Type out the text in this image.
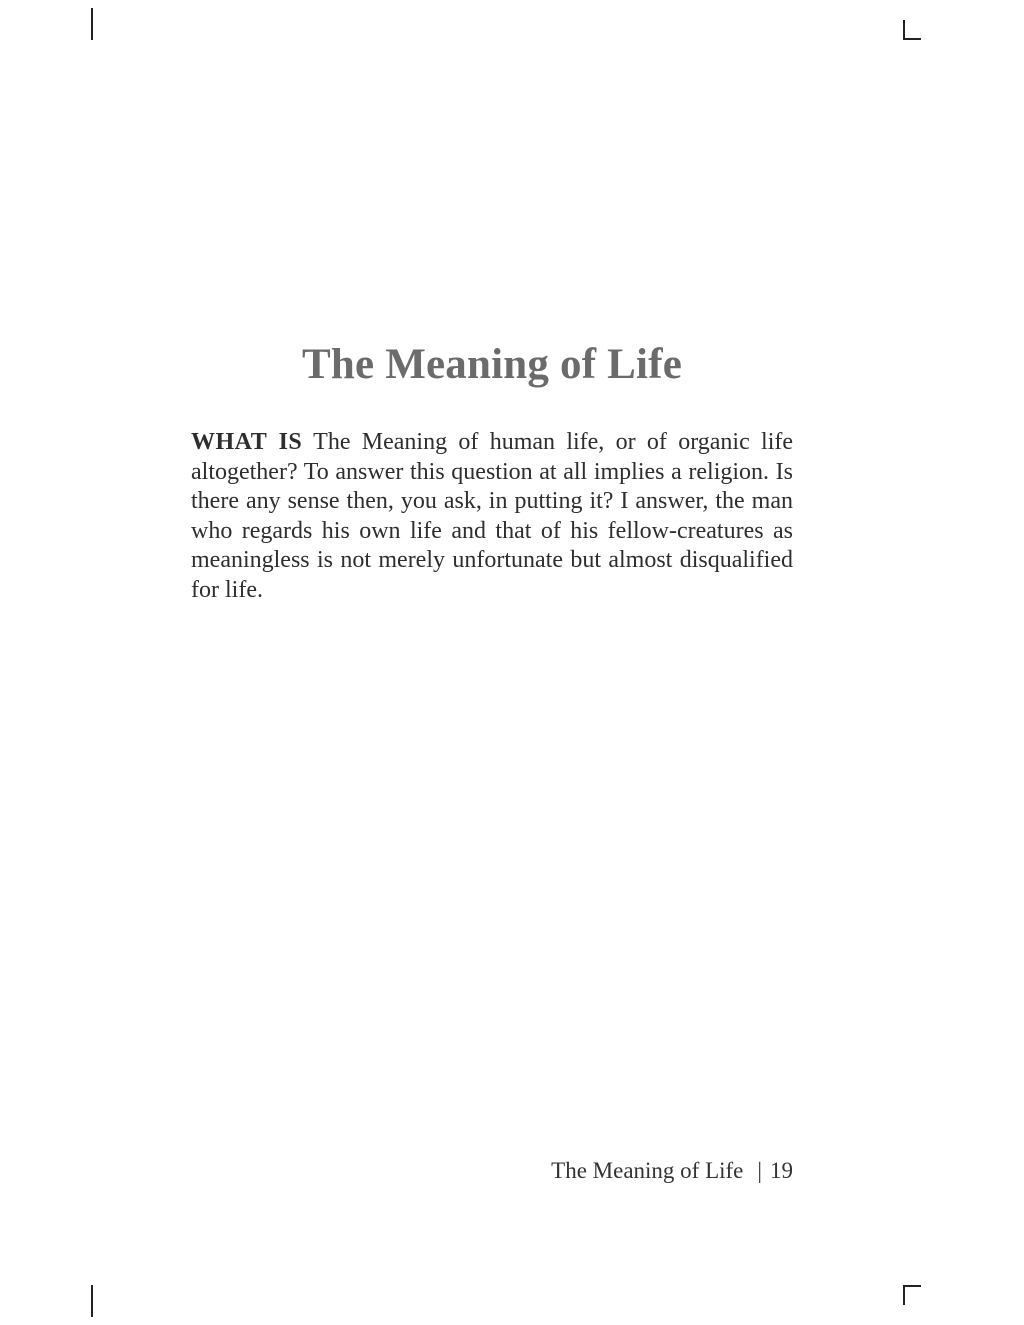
The Meaning of Life

WHAT IS The Meaning of human life, or of organic life altogether? To answer this question at all implies a religion. Is there any sense then, you ask, in putting it? I answer, the man who regards his own life and that of his fellow-creatures as meaningless is not merely unfortunate but almost disqualified for life.

The Meaning of Life | 19
